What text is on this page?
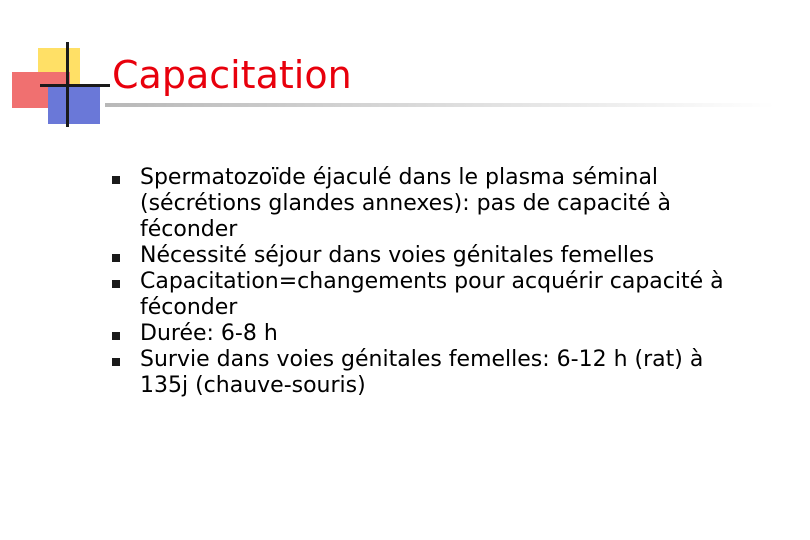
Capacitation
Spermatozoïde éjaculé dans le plasma séminal
(sécrétions glandes annexes): pas de capacité à
féconder
Nécessité séjour dans voies génitales femelles
Capacitation=changements pour acquérir capacité à
féconder
Durée: 6-8 h
Survie dans voies génitales femelles: 6-12 h (rat) à
135j (chauve-souris)
